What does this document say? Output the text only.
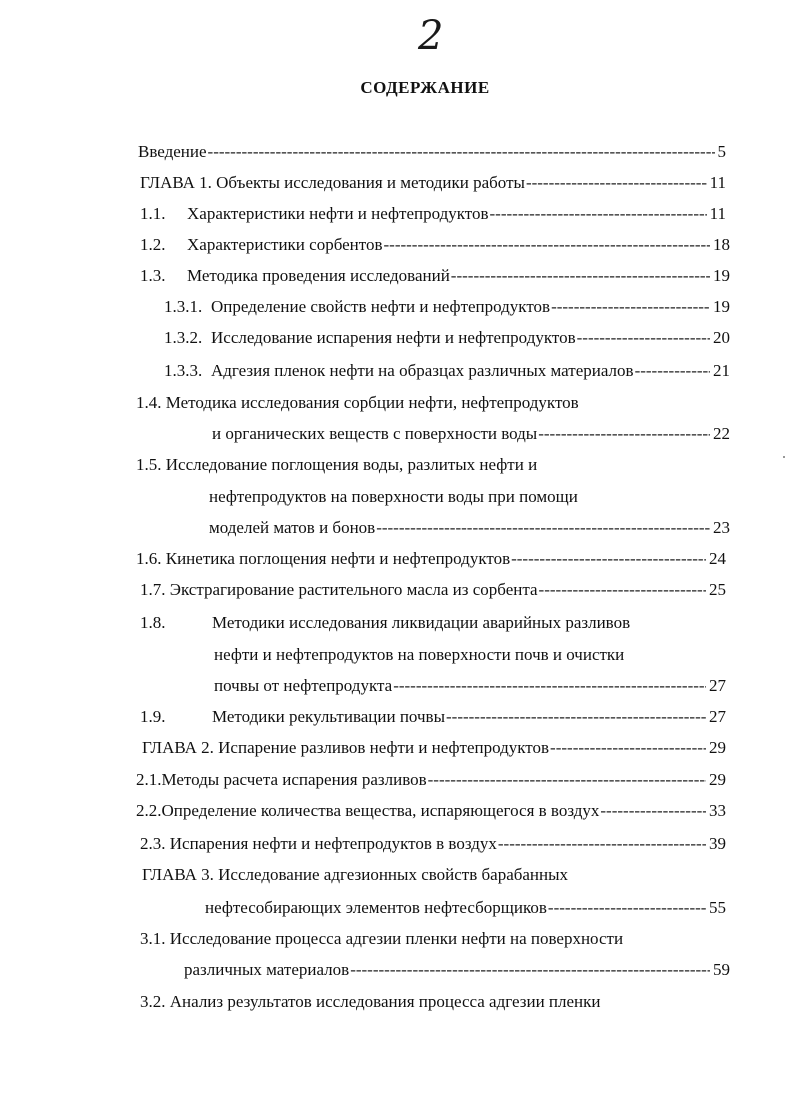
2
СОДЕРЖАНИЕ
Введение -----	5
ГЛАВА 1. Объекты исследования и методики работы -----	11
1.1. Характеристики нефти и нефтепродуктов -----	11
1.2. Характеристики сорбентов -----	18
1.3. Методика проведения исследований -----	19
1.3.1. Определение свойств нефти и нефтепродуктов -----	19
1.3.2. Исследование испарения нефти и нефтепродуктов -----	20
1.3.3. Адгезия пленок нефти на образцах различных материалов -----	21
1.4. Методика исследования сорбции нефти, нефтепродуктов
и органических веществ с поверхности воды -----	22
1.5. Исследование поглощения воды, разлитых нефти и
нефтепродуктов на поверхности воды при помощи
моделей матов и бонов -----	23
1.6. Кинетика поглощения нефти и нефтепродуктов -----	24
1.7. Экстрагирование растительного масла из сорбента -----	25
1.8.	Методики исследования ликвидации аварийных разливов
нефти и нефтепродуктов на поверхности почв и очистки
почвы от нефтепродукта -----	27
1.9.	Методики рекультивации почвы -----	27
ГЛАВА 2. Испарение разливов нефти и нефтепродуктов -----	29
2.1.Методы расчета испарения разливов -----	29
2.2.Определение количества вещества, испаряющегося в воздух -----	33
2.3. Испарения нефти и нефтепродуктов в воздух -----	39
ГЛАВА 3. Исследование адгезионных свойств барабанных
нефтесобирающих элементов нефтесборщиков -----	55
3.1. Исследование процесса адгезии пленки нефти на поверхности
различных материалов -----	59
3.2. Анализ результатов исследования процесса адгезии пленки
